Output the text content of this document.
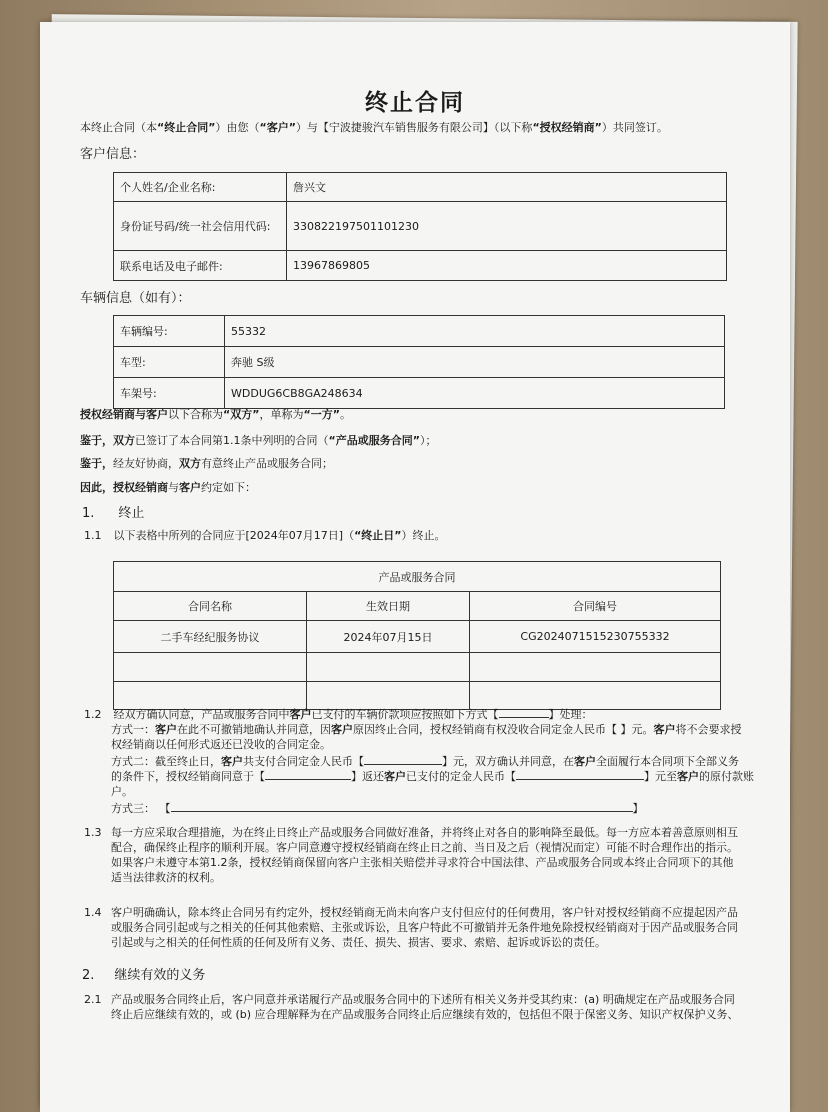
终止合同
本终止合同（本“终止合同”）由您（“客户”）与【宁波捷骏汽车销售服务有限公司】（以下称“授权经销商”）共同签订。
客户信息：
个人姓名/企业名称:	詹兴文
身份证号码/统一社会信用代码:	330822197501101230
联系电话及电子邮件:	13967869805
车辆信息（如有）：
车辆编号:	55332
车型:	奔驰 S级
车架号:	WDDUG6CB8GA248634
授权经销商与客户以下合称为“双方”，单称为“一方”。
鉴于，双方已签订了本合同第1.1条中列明的合同（“产品或服务合同”）；
鉴于，经友好协商，双方有意终止产品或服务合同；
因此，授权经销商与客户约定如下：
1. 终止
1.1 以下表格中所列的合同应于[2024年07月17日]（“终止日”）终止。
产品或服务合同		
合同名称	生效日期	合同编号
二手车经纪服务协议	2024年07月15日	CG2024071515230755332

1.2 经双方确认同意，产品或服务合同中客户已支付的车辆价款项应按照如下方式【	】处理：
方式一：客户在此不可撤销地确认并同意，因客户原因终止合同，授权经销商有权没收合同定金人民币【 】元。客户将不会要求授
权经销商以任何形式返还已没收的合同定金。
方式二：截至终止日，客户共支付合同定金人民币【	】元，双方确认并同意，在客户全面履行本合同项下全部义务
的条件下，授权经销商同意于【	】返还客户已支付的定金人民币【	】元至客户的原付款账
户。
方式三： 【	】
1.3 每一方应采取合理措施，为在终止日终止产品或服务合同做好准备，并将终止对各自的影响降至最低。每一方应本着善意原则相互
配合，确保终止程序的顺利开展。客户同意遵守授权经销商在终止日之前、当日及之后（视情况而定）可能不时合理作出的指示。
如果客户未遵守本第1.2条，授权经销商保留向客户主张相关赔偿并寻求符合中国法律、产品或服务合同或本终止合同项下的其他
适当法律救济的权利。
1.4 客户明确确认，除本终止合同另有约定外，授权经销商无尚未向客户支付但应付的任何费用，客户针对授权经销商不应提起因产品
或服务合同引起或与之相关的任何其他索赔、主张或诉讼，且客户特此不可撤销并无条件地免除授权经销商对于因产品或服务合同
引起或与之相关的任何性质的任何及所有义务、责任、损失、损害、要求、索赔、起诉或诉讼的责任。
2. 继续有效的义务
2.1 产品或服务合同终止后，客户同意并承诺履行产品或服务合同中的下述所有相关义务并受其约束：(a) 明确规定在产品或服务合同
终止后应继续有效的，或 (b) 应合理解释为在产品或服务合同终止后应继续有效的，包括但不限于保密义务、知识产权保护义务、
